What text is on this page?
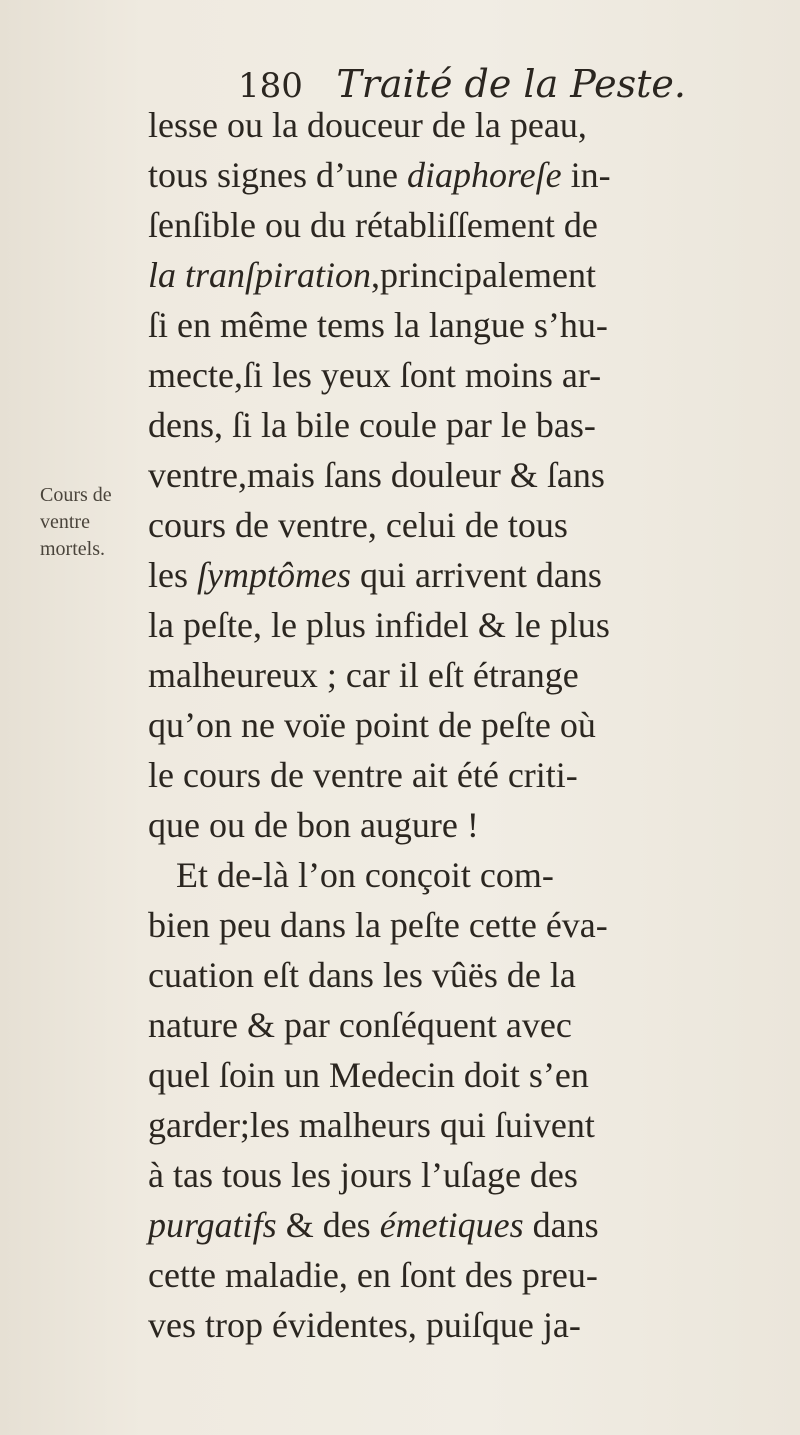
180 Traité de la Peste.
Cours de
ventre
mortels.
lesse ou la douceur de la peau,
tous signes d’une diaphoreſe in-
ſenſible ou du rétabliſſement de
la tranſpiration,principalement
ſi en même tems la langue s’hu-
mecte,ſi les yeux ſont moins ar-
dens, ſi la bile coule par le bas-
ventre,mais ſans douleur & ſans
cours de ventre, celui de tous
les ſymptômes qui arrivent dans
la peſte, le plus infidel & le plus
malheureux ; car il eſt étrange
qu’on ne voïe point de peſte où
le cours de ventre ait été criti-
que ou de bon augure !
Et de-là l’on conçoit com-
bien peu dans la peſte cette éva-
cuation eſt dans les vûës de la
nature & par conſéquent avec
quel ſoin un Medecin doit s’en
garder;les malheurs qui ſuivent
à tas tous les jours l’uſage des
purgatifs & des émetiques dans
cette maladie, en ſont des preu-
ves trop évidentes, puiſque ja-
